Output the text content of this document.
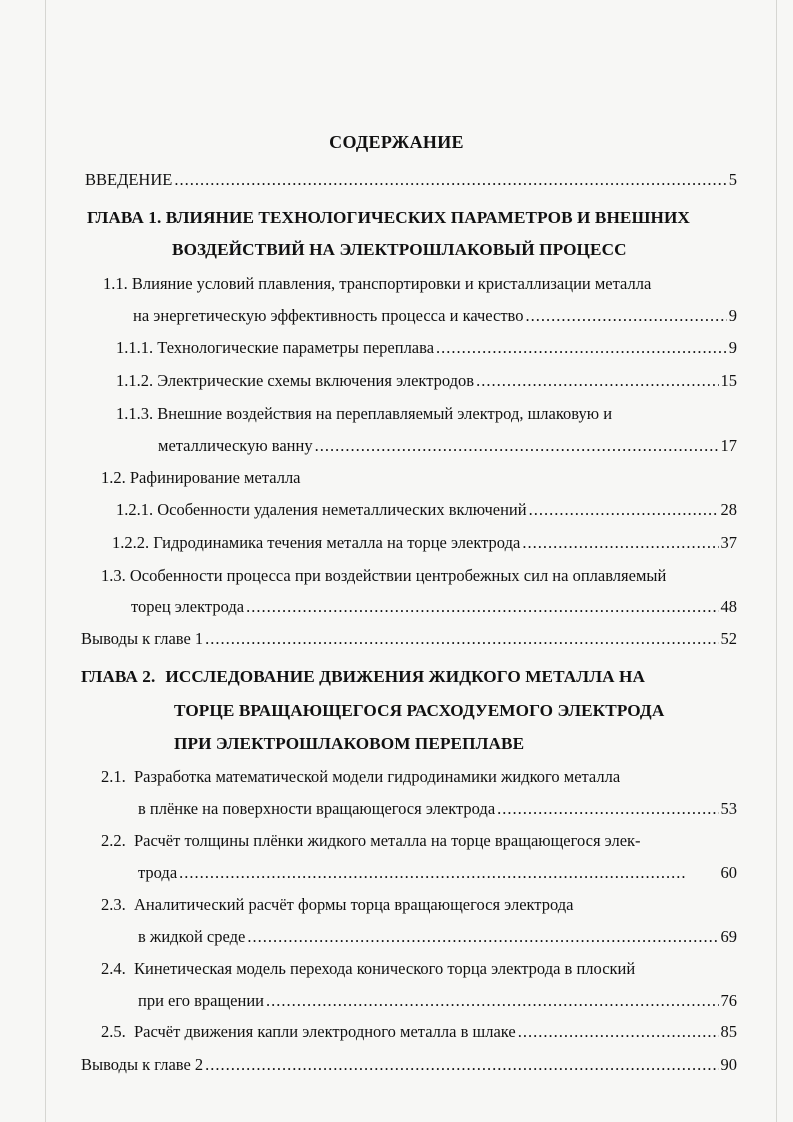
СОДЕРЖАНИЕ
ВВЕДЕНИЕ .....	5
ГЛАВА 1. ВЛИЯНИЕ ТЕХНОЛОГИЧЕСКИХ ПАРАМЕТРОВ И ВНЕШНИХ
ВОЗДЕЙСТВИЙ НА ЭЛЕКТРОШЛАКОВЫЙ ПРОЦЕСС
1.1. Влияние условий плавления, транспортировки и кристаллизации металла
на энергетическую эффективность процесса и качество .....	9
1.1.1. Технологические параметры переплава .....	9
1.1.2. Электрические схемы включения электродов .....	15
1.1.3. Внешние воздействия на переплавляемый электрод, шлаковую и
металлическую ванну .....	17
1.2. Рафинирование металла
1.2.1. Особенности удаления неметаллических включений .....	28
1.2.2. Гидродинамика течения металла на торце электрода .....	37
1.3. Особенности процесса при воздействии центробежных сил на оплавляемый
торец электрода .....	48
Выводы к главе 1 .....	52
ГЛАВА 2. ИССЛЕДОВАНИЕ ДВИЖЕНИЯ ЖИДКОГО МЕТАЛЛА НА
ТОРЦЕ ВРАЩАЮЩЕГОСЯ РАСХОДУЕМОГО ЭЛЕКТРОДА
ПРИ ЭЛЕКТРОШЛАКОВОМ ПЕРЕПЛАВЕ
2.1.  Разработка математической модели гидродинамики жидкого металла
в плёнке на поверхности вращающегося электрода .....	53
2.2.  Расчёт толщины плёнки жидкого металла на торце вращающегося элек-
трода .....	60
2.3.  Аналитический расчёт формы торца вращающегося электрода
в жидкой среде .....	69
2.4.  Кинетическая модель перехода конического торца электрода в плоский
при его вращении .....	76
2.5.  Расчёт движения капли электродного металла в шлаке .....	85
Выводы к главе 2 .....	90
